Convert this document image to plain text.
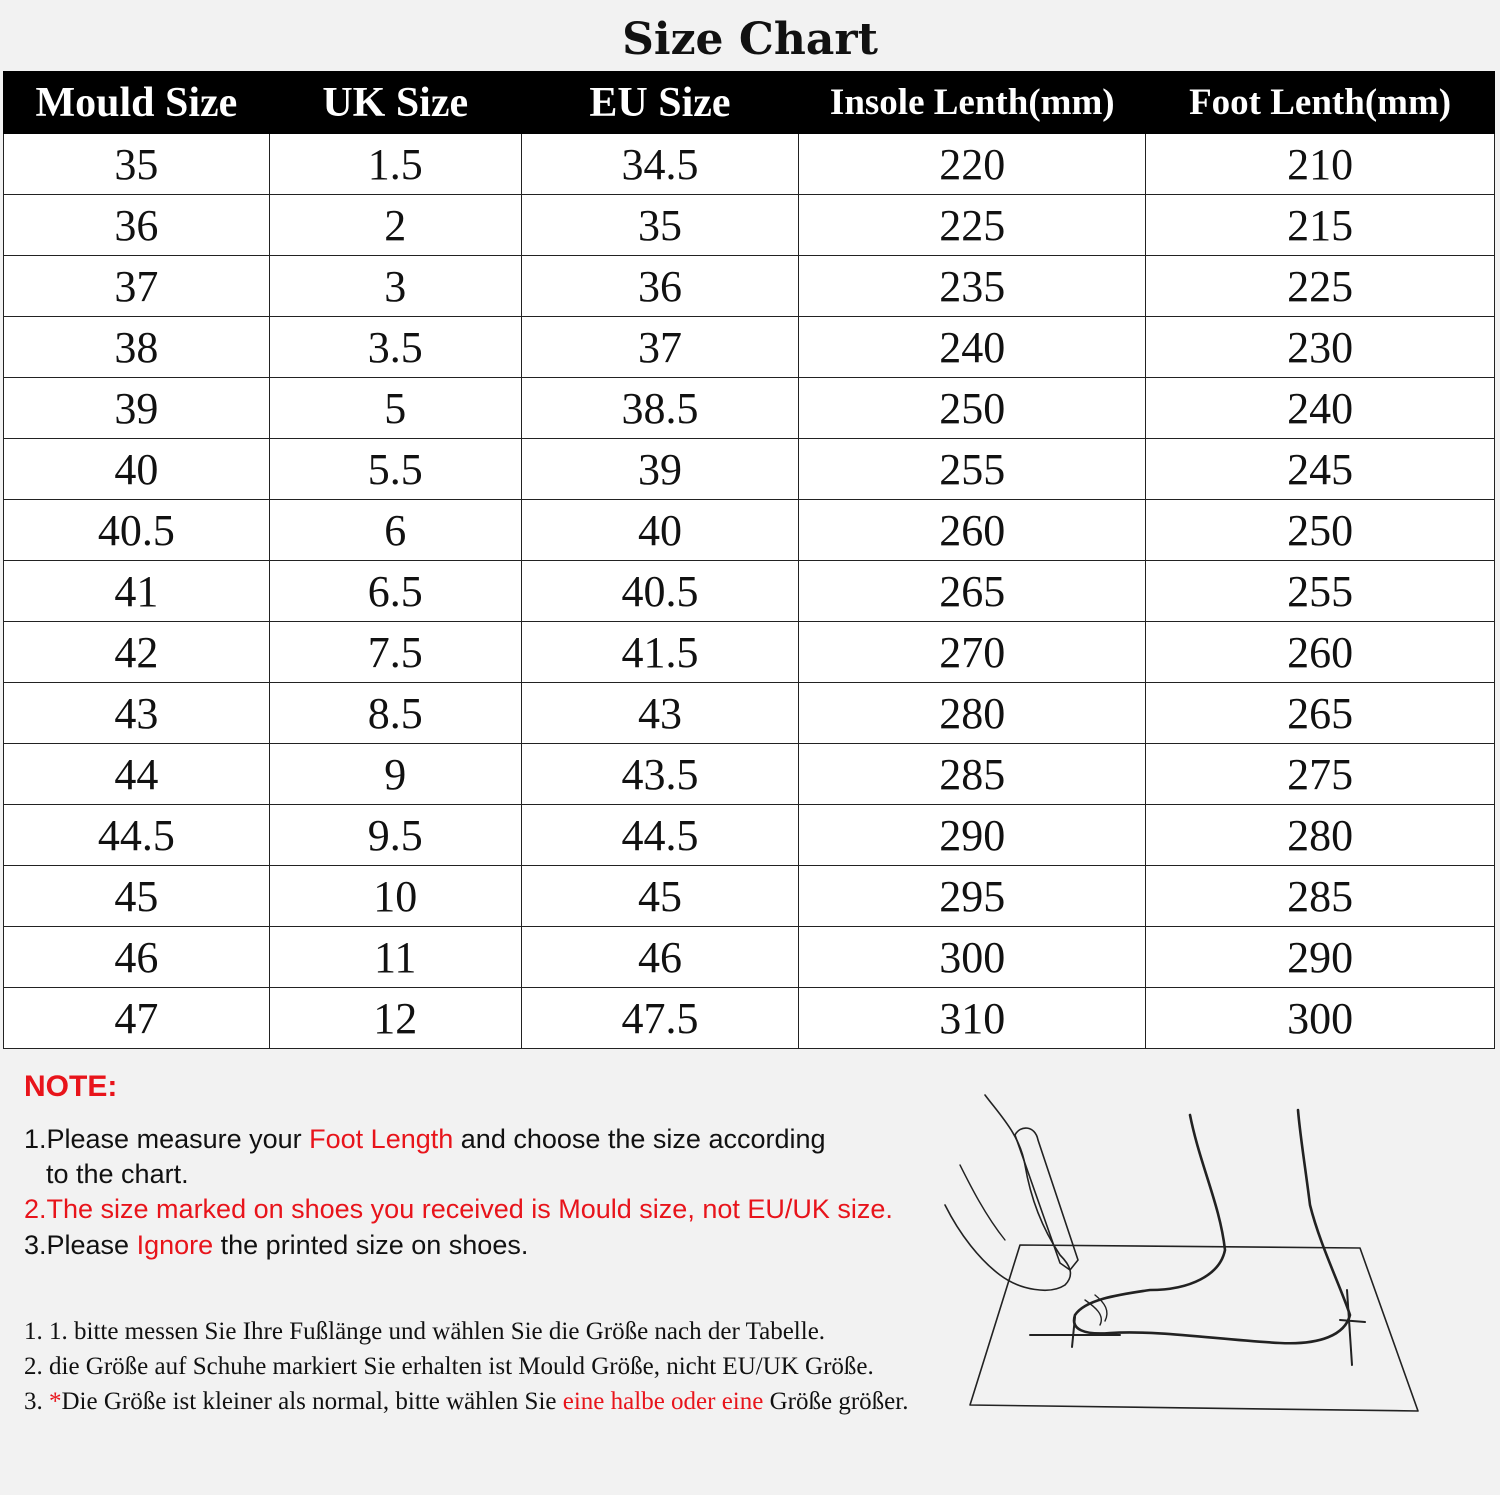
Size Chart
Mould Size	UK Size	EU Size	Insole Lenth(mm)	Foot Lenth(mm)
35	1.5	34.5	220	210
36	2	35	225	215
37	3	36	235	225
38	3.5	37	240	230
39	5	38.5	250	240
40	5.5	39	255	245
40.5	6	40	260	250
41	6.5	40.5	265	255
42	7.5	41.5	270	260
43	8.5	43	280	265
44	9	43.5	285	275
44.5	9.5	44.5	290	280
45	10	45	295	285
46	11	46	300	290
47	12	47.5	310	300
NOTE:
1.Please measure your Foot Length and choose the size according
to the chart.
2.The size marked on shoes you received is Mould size, not EU/UK size.
3.Please Ignore the printed size on shoes.
1. 1. bitte messen Sie Ihre Fußlänge und wählen Sie die Größe nach der Tabelle.
2. die Größe auf Schuhe markiert Sie erhalten ist Mould Größe, nicht EU/UK Größe.
3. *Die Größe ist kleiner als normal, bitte wählen Sie eine halbe oder eine Größe größer.
